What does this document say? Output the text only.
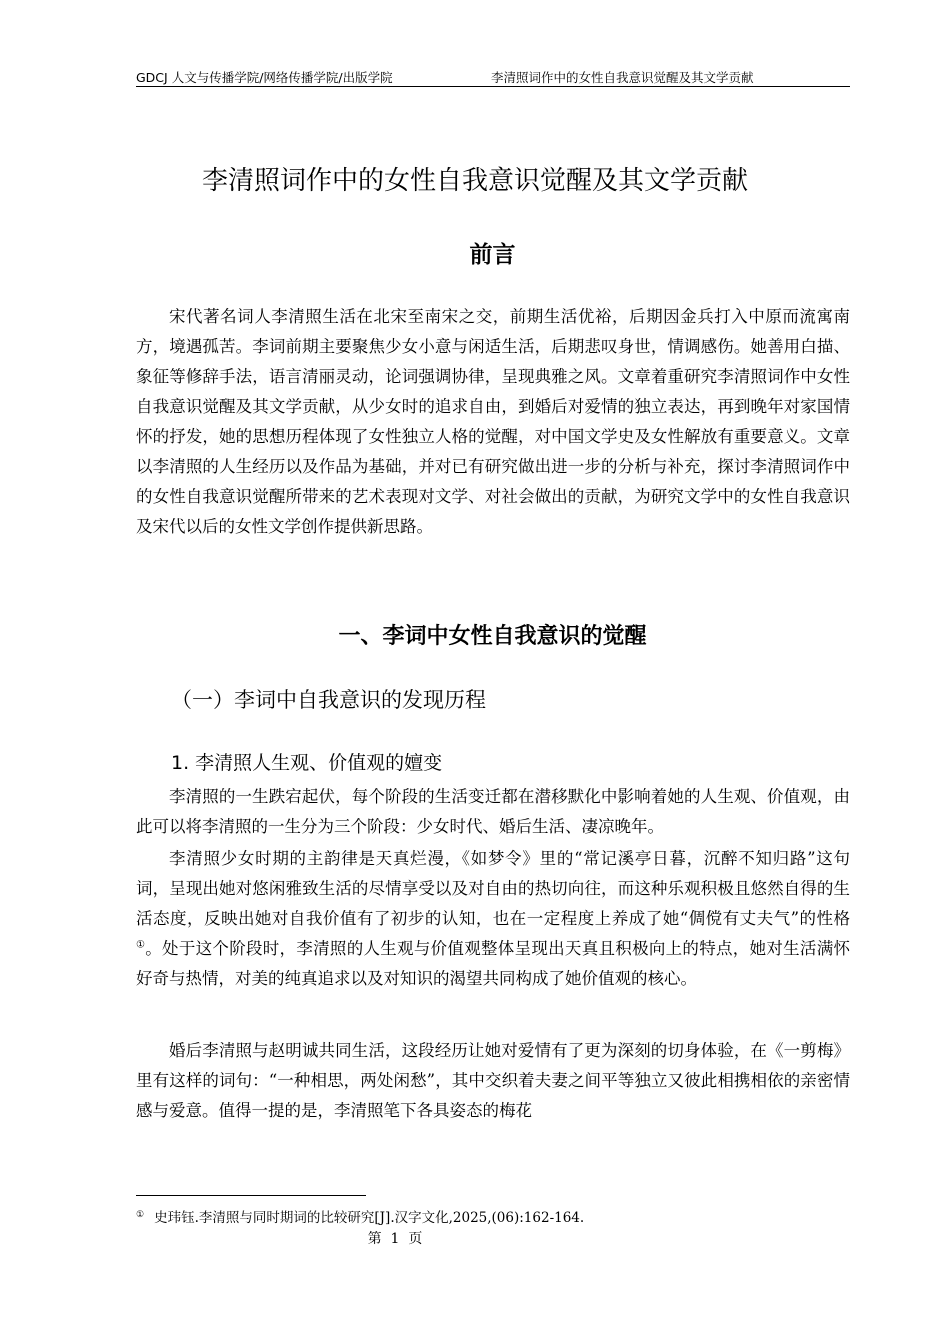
GDCJ 人文与传播学院/网络传播学院/出版学院	李清照词作中的女性自我意识觉醒及其文学贡献
李清照词作中的女性自我意识觉醒及其文学贡献
前言

宋代著名词人李清照生活在北宋至南宋之交，前期生活优裕，后期因金兵打入中原而流寓南方，境遇孤苦。李词前期主要聚焦少女小意与闲适生活，后期悲叹身世，情调感伤。她善用白描、象征等修辞手法，语言清丽灵动，论词强调协律，呈现典雅之风。文章着重研究李清照词作中女性自我意识觉醒及其文学贡献，从少女时的追求自由，到婚后对爱情的独立表达，再到晚年对家国情怀的抒发，她的思想历程体现了女性独立人格的觉醒，对中国文学史及女性解放有重要意义。文章以李清照的人生经历以及作品为基础，并对已有研究做出进一步的分析与补充，探讨李清照词作中的女性自我意识觉醒所带来的艺术表现对文学、对社会做出的贡献，为研究文学中的女性自我意识及宋代以后的女性文学创作提供新思路。

一、李词中女性自我意识的觉醒
（一）李词中自我意识的发现历程
1. 李清照人生观、价值观的嬗变

李清照的一生跌宕起伏，每个阶段的生活变迁都在潜移默化中影响着她的人生观、价值观，由此可以将李清照的一生分为三个阶段：少女时代、婚后生活、凄凉晚年。

李清照少女时期的主韵律是天真烂漫，《如梦令》里的“常记溪亭日暮，沉醉不知归路”这句词，呈现出她对悠闲雅致生活的尽情享受以及对自由的热切向往，而这种乐观积极且悠然自得的生活态度，反映出她对自我价值有了初步的认知，也在一定程度上养成了她“倜傥有丈夫气”的性格①。处于这个阶段时，李清照的人生观与价值观整体呈现出天真且积极向上的特点，她对生活满怀好奇与热情，对美的纯真追求以及对知识的渴望共同构成了她价值观的核心。

婚后李清照与赵明诚共同生活，这段经历让她对爱情有了更为深刻的切身体验，在《一剪梅》里有这样的词句：“一种相思，两处闲愁”，其中交织着夫妻之间平等独立又彼此相携相依的亲密情感与爱意。值得一提的是，李清照笔下各具姿态的梅花

① 史玮钰.李清照与同时期词的比较研究[J].汉字文化,2025,(06):162-164.
第  1  页
